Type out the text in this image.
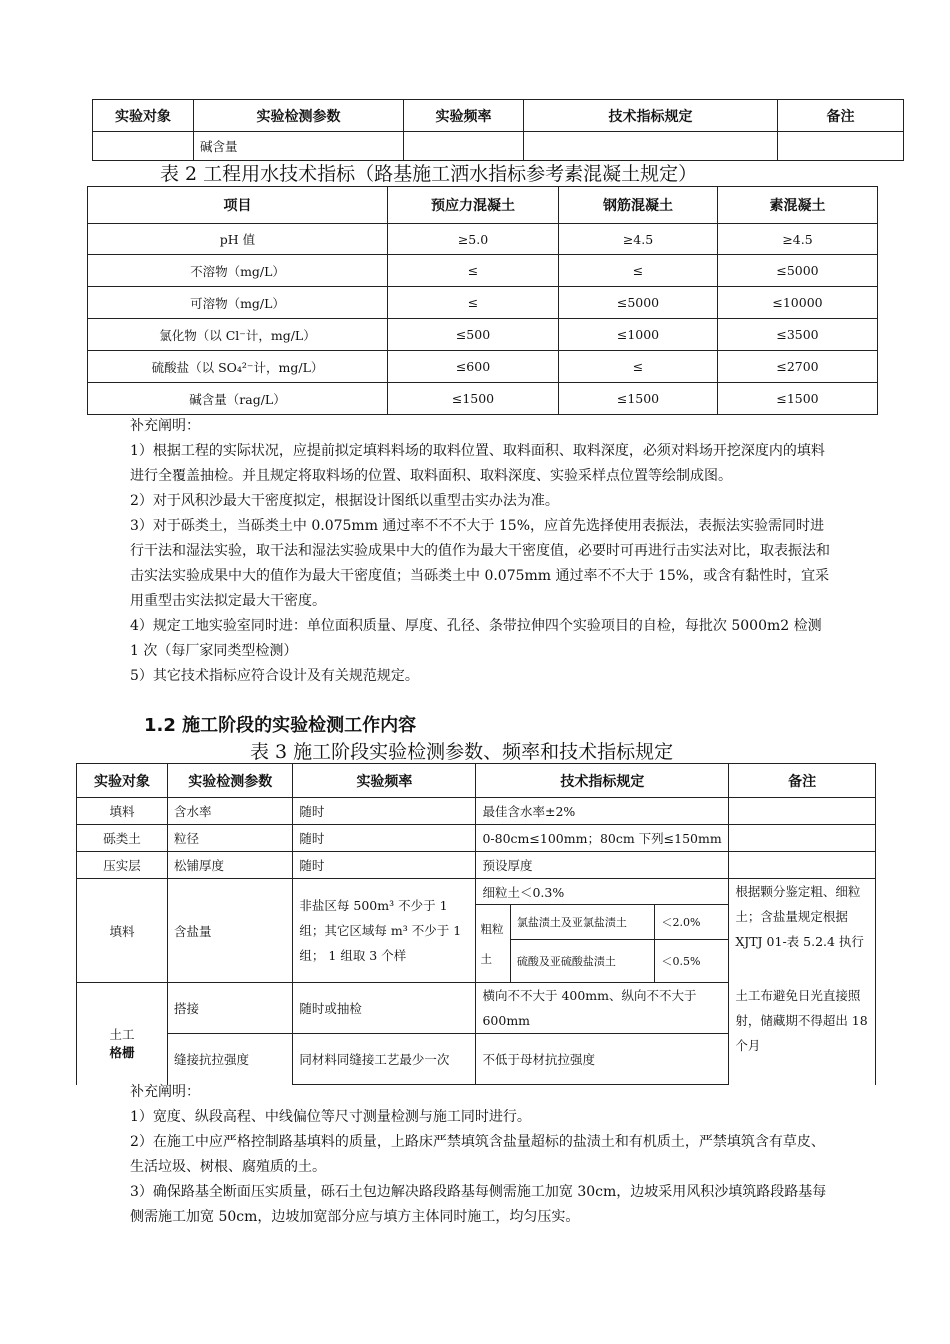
实验对象	实验检测参数	实验频率	技术指标规定	备注
	碱含量			
表 2 工程用水技术指标（路基施工洒水指标参考素混凝土规定）
项目	预应力混凝土	钢筋混凝土	素混凝土
pH 值	≥5.0	≥4.5	≥4.5
不溶物（mg/L）	≤	≤	≤5000
可溶物（mg/L）	≤	≤5000	≤10000
氯化物（以 Cl⁻计，mg/L）	≤500	≤1000	≤3500
硫酸盐（以 SO₄²⁻计，mg/L）	≤600	≤	≤2700
碱含量（rag/L）	≤1500	≤1500	≤1500

补充阐明：

1）根据工程的实际状况，应提前拟定填料料场的取料位置、取料面积、取料深度，必须对料场开挖深度内的填料进行全覆盖抽检。并且规定将取料场的位置、取料面积、取料深度、实验采样点位置等绘制成图。

2）对于风积沙最大干密度拟定，根据设计图纸以重型击实办法为准。

3）对于砾类土，当砾类土中 0.075mm 通过率不不不大于 15%，应首先选择使用表振法，表振法实验需同时进行干法和湿法实验，取干法和湿法实验成果中大的值作为最大干密度值，必要时可再进行击实法对比，取表振法和击实法实验成果中大的值作为最大干密度值；当砾类土中 0.075mm 通过率不不大于 15%，或含有黏性时，宜采用重型击实法拟定最大干密度。

4）规定工地实验室同时进：单位面积质量、厚度、孔径、条带拉伸四个实验项目的自检，每批次 5000m2 检测 1 次（每厂家同类型检测）

5）其它技术指标应符合设计及有关规范规定。

1.2 施工阶段的实验检测工作内容
表 3 施工阶段实验检测参数、频率和技术指标规定
实验对象	实验检测参数	实验频率	技术指标规定			备注
填料	含水率	随时	最佳含水率±2%			
砾类土	粒径	随时	0-80cm≤100mm；80cm 下列≤150mm			
压实层	松铺厚度	随时	预设厚度			
填料	含盐量	非盐区每 500m³ 不少于 1 组；其它区域每 m³ 不少于 1 组； 1 组取 3 个样	细粒土＜0.3%			根据颗分鉴定粗、细粒土；含盐量规定根据 XJTJ 01-表 5.2.4 执行
			粗粒土	氯盐渍土及亚氯盐渍土	＜2.0%	
				硫酸及亚硫酸盐渍土	＜0.5%	
土工
格栅	搭接	随时或抽检	横向不不大于 400mm、纵向不不大于 600mm			土工布避免日光直接照射，储藏期不得超出 18 个月
	缝接抗拉强度	同材料同缝接工艺最少一次	不低于母材抗拉强度			

补充阐明：

1）宽度、纵段高程、中线偏位等尺寸测量检测与施工同时进行。

2）在施工中应严格控制路基填料的质量，上路床严禁填筑含盐量超标的盐渍土和有机质土，严禁填筑含有草皮、生活垃圾、树根、腐殖质的土。

3）确保路基全断面压实质量，砾石土包边解决路段路基每侧需施工加宽 30cm，边坡采用风积沙填筑路段路基每侧需施工加宽 50cm，边坡加宽部分应与填方主体同时施工，均匀压实。
